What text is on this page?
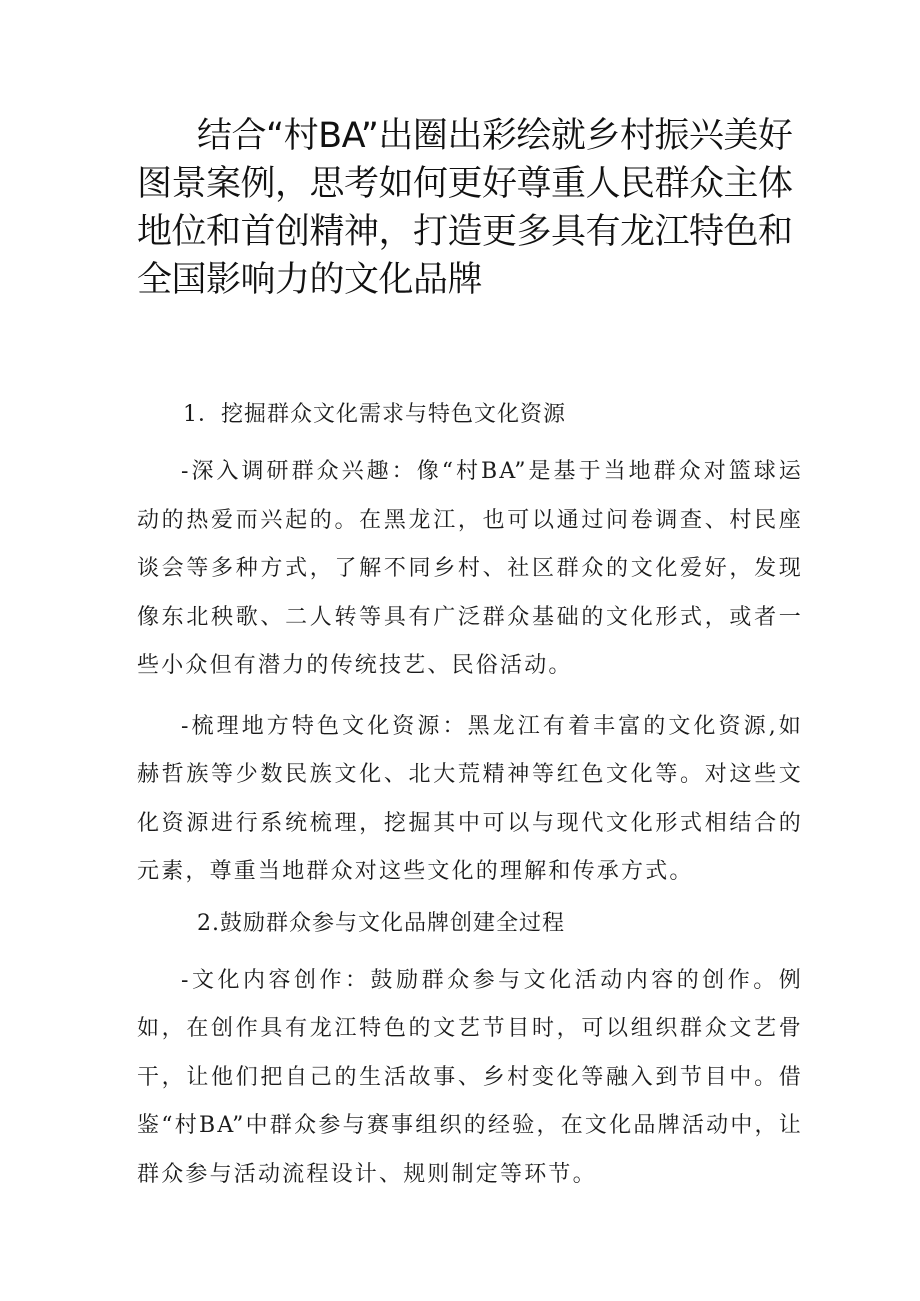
结合“村BA”出圈出彩绘就乡村振兴美好图景案例，思考如何更好尊重人民群众主体地位和首创精神，打造更多具有龙江特色和全国影响力的文化品牌

1．挖掘群众文化需求与特色文化资源

-深入调研群众兴趣：像“村BA”是基于当地群众对篮球运动的热爱而兴起的。在黑龙江，也可以通过问卷调查、村民座谈会等多种方式，了解不同乡村、社区群众的文化爱好，发现像东北秧歌、二人转等具有广泛群众基础的文化形式，或者一些小众但有潜力的传统技艺、民俗活动。

-梳理地方特色文化资源：黑龙江有着丰富的文化资源,如赫哲族等少数民族文化、北大荒精神等红色文化等。对这些文化资源进行系统梳理，挖掘其中可以与现代文化形式相结合的元素，尊重当地群众对这些文化的理解和传承方式。

2.鼓励群众参与文化品牌创建全过程

-文化内容创作：鼓励群众参与文化活动内容的创作。例如，在创作具有龙江特色的文艺节目时，可以组织群众文艺骨干，让他们把自己的生活故事、乡村变化等融入到节目中。借鉴“村BA”中群众参与赛事组织的经验，在文化品牌活动中，让群众参与活动流程设计、规则制定等环节。
